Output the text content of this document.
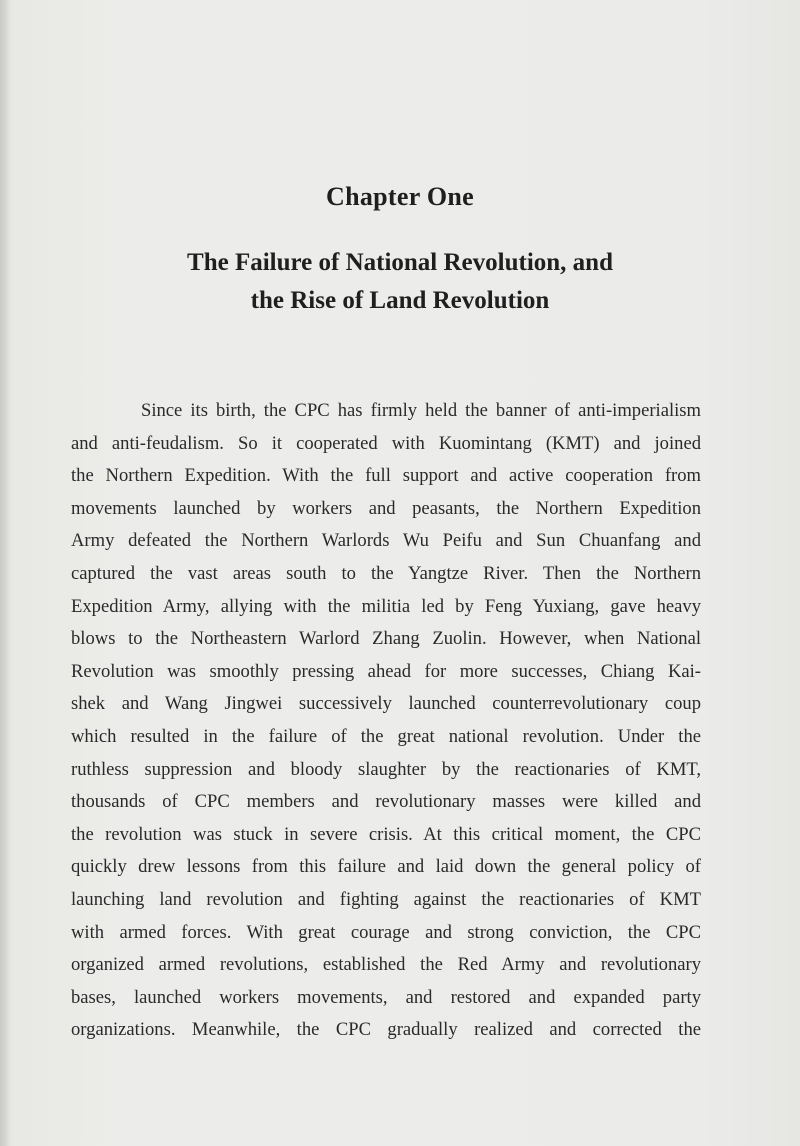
Chapter One
The Failure of National Revolution, and
the Rise of Land Revolution
Since its birth, the CPC has firmly held the banner of anti-imperialism
and anti-feudalism. So it cooperated with Kuomintang (KMT) and joined
the Northern Expedition. With the full support and active cooperation from
movements launched by workers and peasants, the Northern Expedition
Army defeated the Northern Warlords Wu Peifu and Sun Chuanfang and
captured the vast areas south to the Yangtze River. Then the Northern
Expedition Army, allying with the militia led by Feng Yuxiang, gave heavy
blows to the Northeastern Warlord Zhang Zuolin. However, when National
Revolution was smoothly pressing ahead for more successes, Chiang Kai-
shek and Wang Jingwei successively launched counterrevolutionary coup
which resulted in the failure of the great national revolution. Under the
ruthless suppression and bloody slaughter by the reactionaries of KMT,
thousands of CPC members and revolutionary masses were killed and
the revolution was stuck in severe crisis. At this critical moment, the CPC
quickly drew lessons from this failure and laid down the general policy of
launching land revolution and fighting against the reactionaries of KMT
with armed forces. With great courage and strong conviction, the CPC
organized armed revolutions, established the Red Army and revolutionary
bases, launched workers movements, and restored and expanded party
organizations. Meanwhile, the CPC gradually realized and corrected the
